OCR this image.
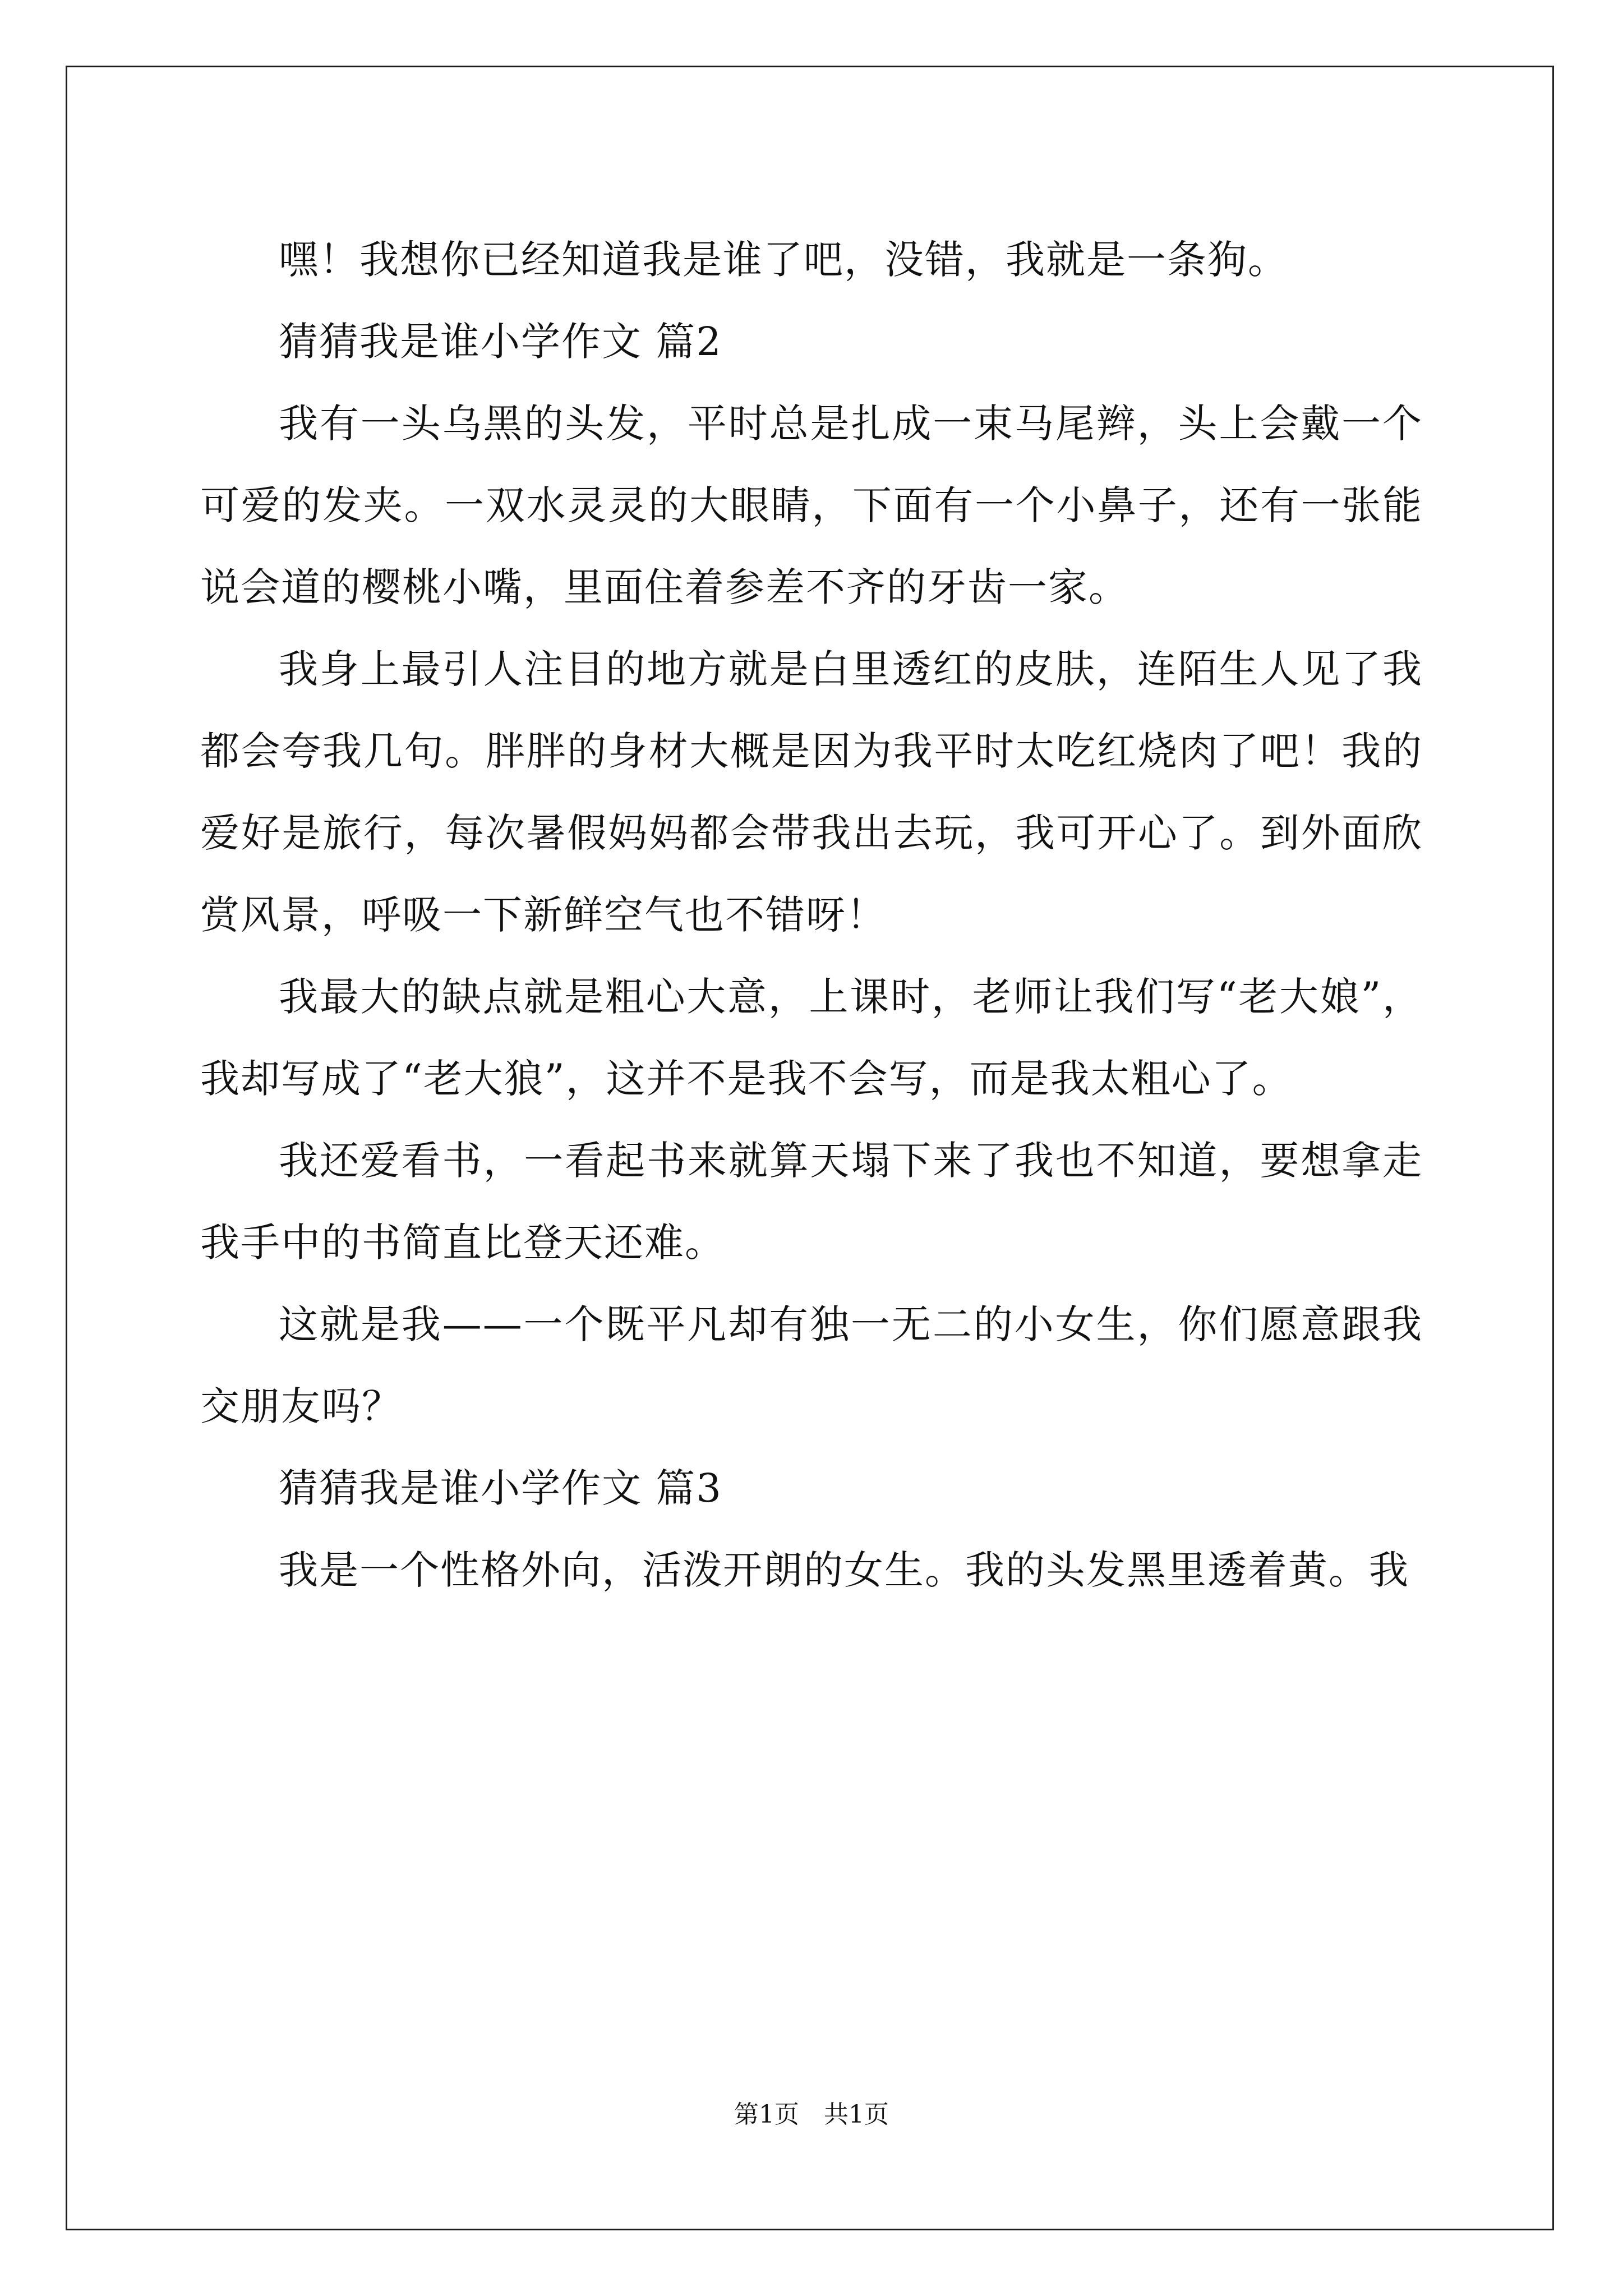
嘿！我想你已经知道我是谁了吧，没错，我就是一条狗。

猜猜我是谁小学作文 篇2

我有一头乌黑的头发，平时总是扎成一束马尾辫，头上会戴一个可爱的发夹。一双水灵灵的大眼睛，下面有一个小鼻子，还有一张能说会道的樱桃小嘴，里面住着参差不齐的牙齿一家。

我身上最引人注目的地方就是白里透红的皮肤，连陌生人见了我都会夸我几句。胖胖的身材大概是因为我平时太吃红烧肉了吧！我的爱好是旅行，每次暑假妈妈都会带我出去玩，我可开心了。到外面欣赏风景，呼吸一下新鲜空气也不错呀！

我最大的缺点就是粗心大意，上课时，老师让我们写“老大娘”，我却写成了“老大狼”，这并不是我不会写，而是我太粗心了。

我还爱看书，一看起书来就算天塌下来了我也不知道，要想拿走我手中的书简直比登天还难。

这就是我——一个既平凡却有独一无二的小女生，你们愿意跟我交朋友吗？

猜猜我是谁小学作文 篇3

我是一个性格外向，活泼开朗的女生。我的头发黑里透着黄。我

第1页　共1页
